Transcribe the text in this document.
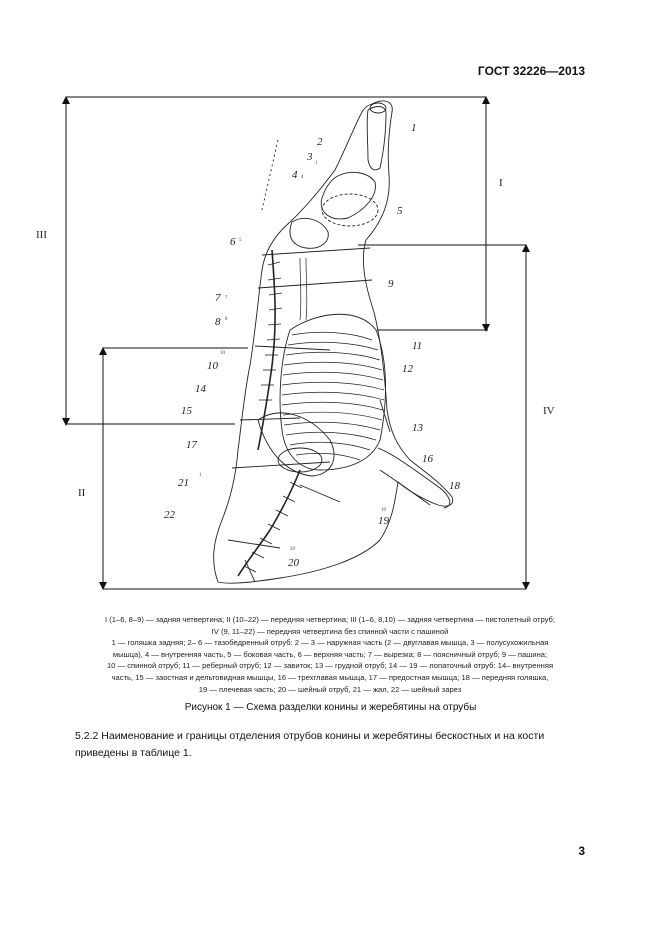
ГОСТ 32226—2013
I
II
III
IV
1
2
3
4
5
6
7
8
9
10
11
12
13
14
15
16
17
18
19
20
21
22
1
4
5
7
8
10
1
19
20
I (1–6, 8–9) — задняя четвертина; II (10–22) — передняя четвертина; III (1–6, 8,10) — задняя четвертина — пистолетный отруб;
IV (9, 11–22) — передняя четвертина без спинной части с пашиной
1 — голяшка задняя; 2– 6 — тазобедренный отруб: 2 — 3 — наружная часть (2 — двуглавая мышца, 3 — полусухожильная
мышца), 4 — внутренняя часть, 5 — боковая часть, 6 — верхняя часть; 7 — вырезка; 8 — поясничный отруб; 9 — пашина;
10 — спинной отруб; 11 — реберный отруб; 12 — завиток; 13 — грудной отруб; 14 — 19 — лопаточный отруб: 14– внутренняя
часть, 15 — заостная и дельтовидная мышцы, 16 — трехглавая мышца, 17 — предостная мышца; 18 — передняя голяшка,
19 — плечевая часть; 20 — шейный отруб, 21 — жал, 22 — шейный зарез
Рисунок 1 — Схема разделки конины и жеребятины на отрубы
5.2.2 Наименование и границы отделения отрубов конины и жеребятины бескостных и на кости приведены в таблице 1.
3
